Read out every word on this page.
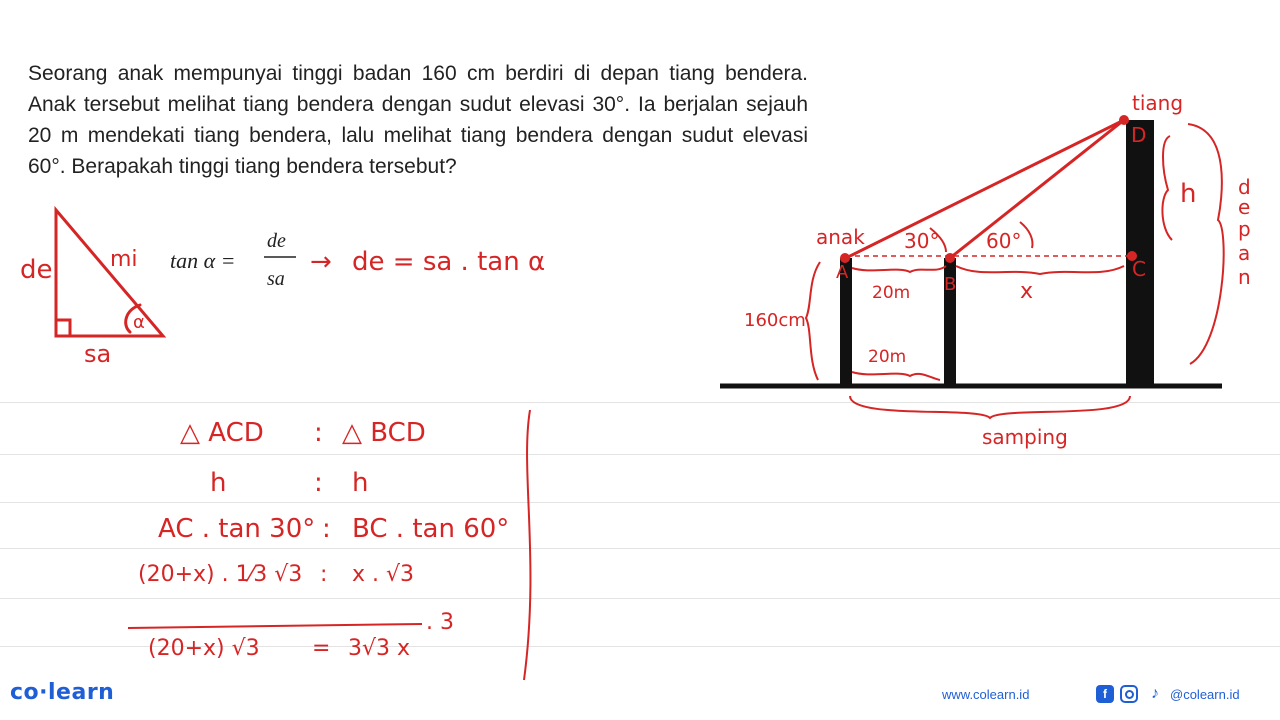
Seorang anak mempunyai tinggi badan 160 cm berdiri di depan tiang bendera. Anak tersebut melihat tiang bendera dengan sudut elevasi 30°. Ia berjalan sejauh 20 m mendekati tiang bendera, lalu melihat tiang bendera dengan sudut elevasi 60°. Berapakah tinggi tiang bendera tersebut?

de	mi
sa
α
tan α =
de
sa
→ de = sa . tan α
tiang
D
h d
e
p
a
n
anak 30° 60°
A
B
C
20m	x
160cm
20m
samping
△ ACD : △ BCD
h	: h
AC . tan 30° : BC . tan 60°
(20+x) . 1⁄3 √3 : x . √3
(20+x) √3 = 3√3 x
. 3
co·learn	www.colearn.id	f	♪ @colearn.id
